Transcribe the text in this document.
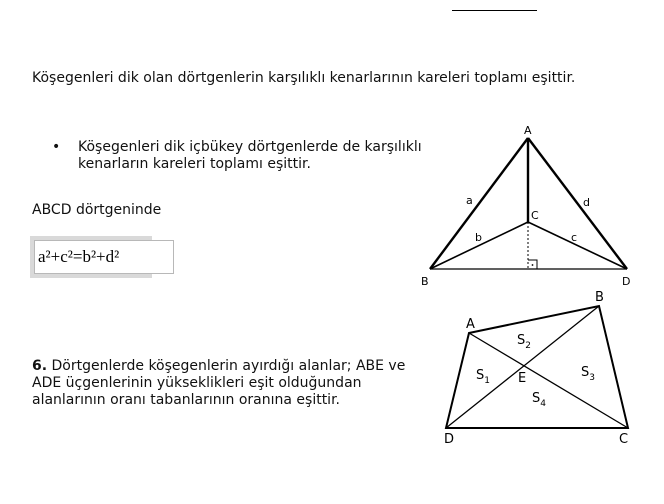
Köşegenleri dik olan dörtgenlerin karşılıklı kenarlarının kareleri toplamı eşittir.
• Köşegenleri dik içbükey dörtgenlerde de karşılıklı kenarların kareleri toplamı eşittir.
ABCD dörtgeninde
a²+c²=b²+d²
6. Dörtgenlerde köşegenlerin ayırdığı alanlar; ABE ve ADE üçgenlerinin yükseklikleri eşit olduğundan alanlarının oranı tabanlarının oranına eşittir.
A
B
C
D
a
b	c
d
A
B
C
D
E
$S_1$
$S_2$
$S_3$
$S_4$
